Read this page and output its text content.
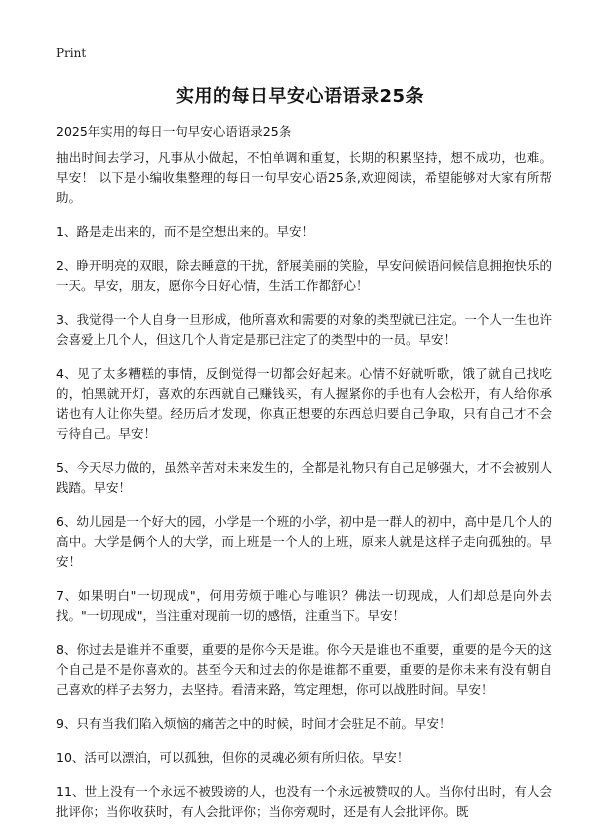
Print
实用的每日早安心语语录25条

2025年实用的每日一句早安心语语录25条

抽出时间去学习，凡事从小做起，不怕单调和重复，长期的积累坚持，想不成功，也难。早安！ 以下是小编收集整理的每日一句早安心语25条,欢迎阅读，希望能够对大家有所帮助。

1、路是走出来的，而不是空想出来的。早安！

2、睁开明亮的双眼，除去睡意的干扰，舒展美丽的笑脸，早安问候语问候信息拥抱快乐的一天。早安，朋友，愿你今日好心情，生活工作都舒心！

3、我觉得一个人自身一旦形成，他所喜欢和需要的对象的类型就已注定。一个人一生也许会喜爱上几个人，但这几个人肯定是那已注定了的类型中的一员。早安！

4、见了太多糟糕的事情，反倒觉得一切都会好起来。心情不好就听歌，饿了就自己找吃的，怕黑就开灯，喜欢的东西就自己赚钱买，有人握紧你的手也有人会松开，有人给你承诺也有人让你失望。经历后才发现，你真正想要的东西总归要自己争取，只有自己才不会亏待自己。早安！

5、今天尽力做的，虽然辛苦对未来发生的，全都是礼物只有自己足够强大，才不会被别人践踏。早安！

6、幼儿园是一个好大的园，小学是一个班的小学，初中是一群人的初中，高中是几个人的高中。大学是俩个人的大学，而上班是一个人的上班，原来人就是这样子走向孤独的。早安！

7、如果明白"一切现成"，何用劳烦于唯心与唯识？佛法一切现成，人们却总是向外去找。"一切现成"，当注重对现前一切的感悟，注重当下。早安！

8、你过去是谁并不重要，重要的是你今天是谁。你今天是谁也不重要，重要的是今天的这个自己是不是你喜欢的。甚至今天和过去的你是谁都不重要，重要的是你未来有没有朝自己喜欢的样子去努力，去坚持。看清来路，笃定理想，你可以战胜时间。早安！

9、只有当我们陷入烦恼的痛苦之中的时候，时间才会驻足不前。早安！

10、活可以漂泊，可以孤独，但你的灵魂必须有所归依。早安！

11、世上没有一个永远不被毁谤的人，也没有一个永远被赞叹的人。当你付出时，有人会批评你；当你收获时，有人会批评你；当你旁观时，还是有人会批评你。既
